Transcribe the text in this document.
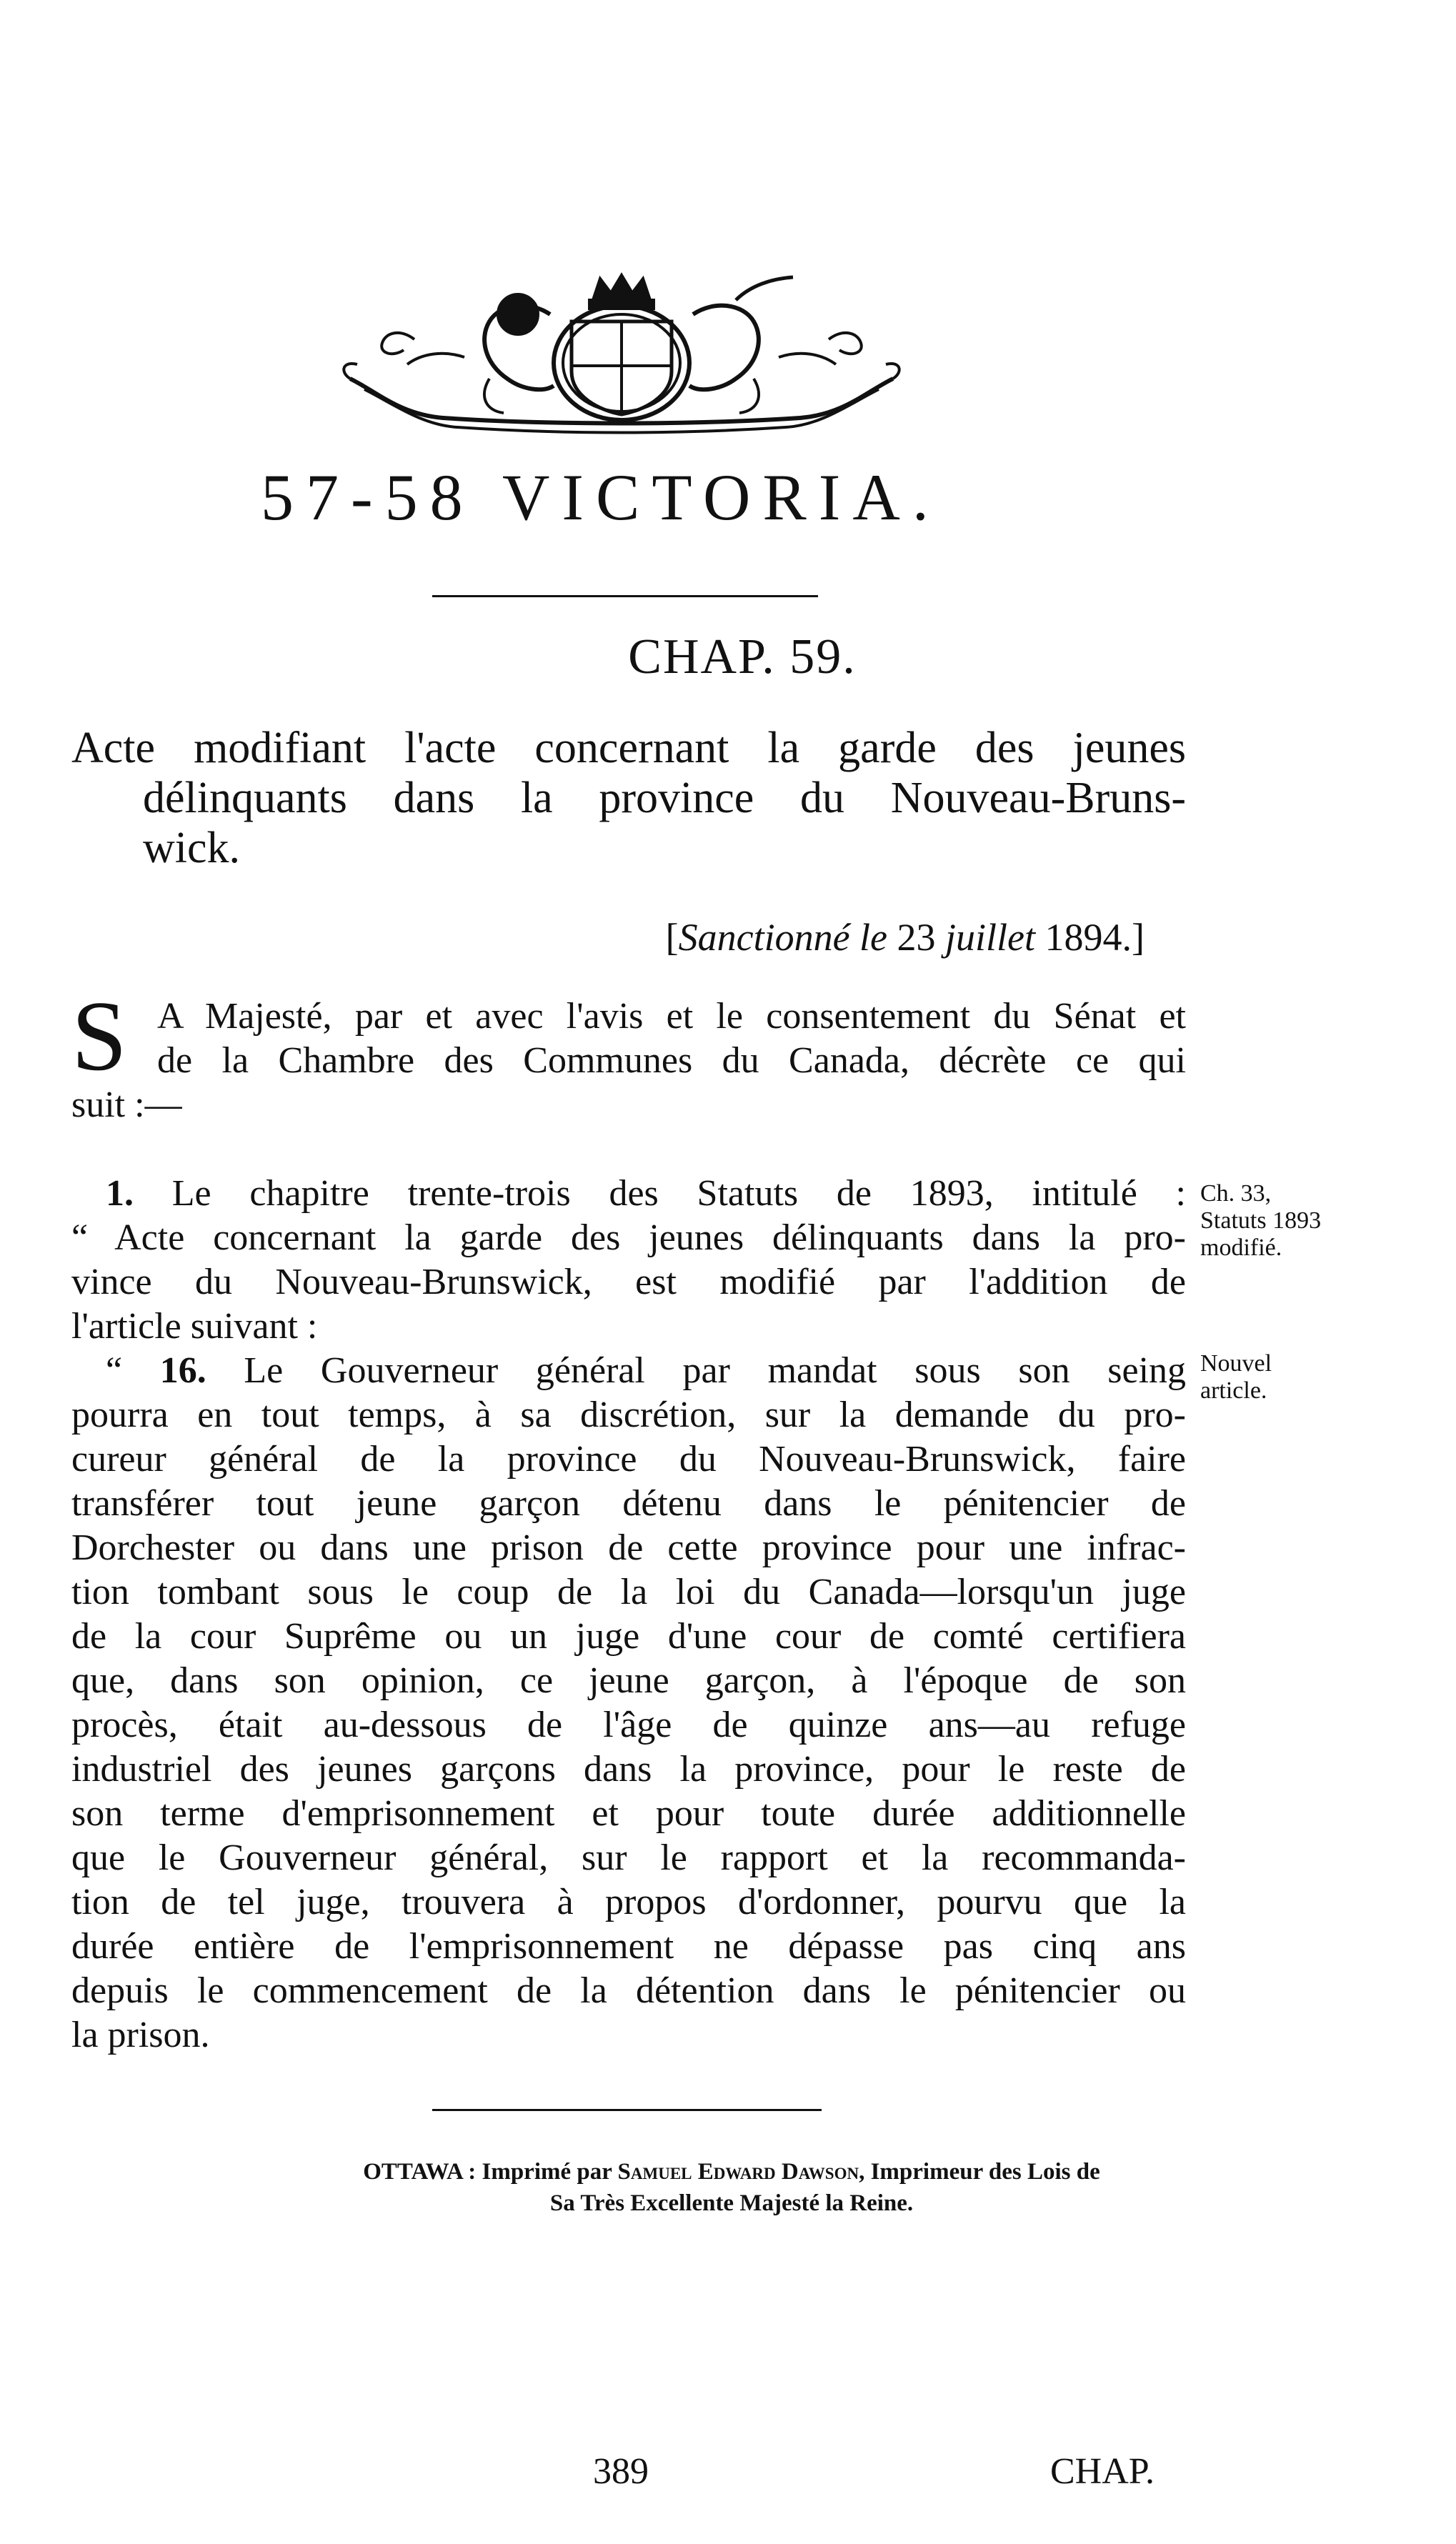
57-58 VICTORIA.
CHAP. 59.
Acte modifiant l'acte concernant la garde des jeunes
délinquants dans la province du Nouveau-Bruns-
wick.
[Sanctionné le 23 juillet 1894.]
S A Majesté, par et avec l'avis et le consentement du Sénat et
de la Chambre des Communes du Canada, décrète ce qui
suit :—
1. Le chapitre trente-trois des Statuts de 1893, intitulé :
“ Acte concernant la garde des jeunes délinquants dans la pro-
vince du Nouveau-Brunswick, est modifié par l'addition de
l'article suivant :
Ch. 33,
Statuts 1893
modifié.
“ 16. Le Gouverneur général par mandat sous son seing
pourra en tout temps, à sa discrétion, sur la demande du pro-
cureur général de la province du Nouveau-Brunswick, faire
transférer tout jeune garçon détenu dans le pénitencier de
Dorchester ou dans une prison de cette province pour une infrac-
tion tombant sous le coup de la loi du Canada—lorsqu'un juge
de la cour Suprême ou un juge d'une cour de comté certifiera
que, dans son opinion, ce jeune garçon, à l'époque de son
procès, était au-dessous de l'âge de quinze ans—au refuge
industriel des jeunes garçons dans la province, pour le reste de
son terme d'emprisonnement et pour toute durée additionnelle
que le Gouverneur général, sur le rapport et la recommanda-
tion de tel juge, trouvera à propos d'ordonner, pourvu que la
durée entière de l'emprisonnement ne dépasse pas cinq ans
depuis le commencement de la détention dans le pénitencier ou
la prison.
Nouvel
article.
OTTAWA : Imprimé par Samuel Edward Dawson, Imprimeur des Lois de
Sa Très Excellente Majesté la Reine.
389	CHAP.
